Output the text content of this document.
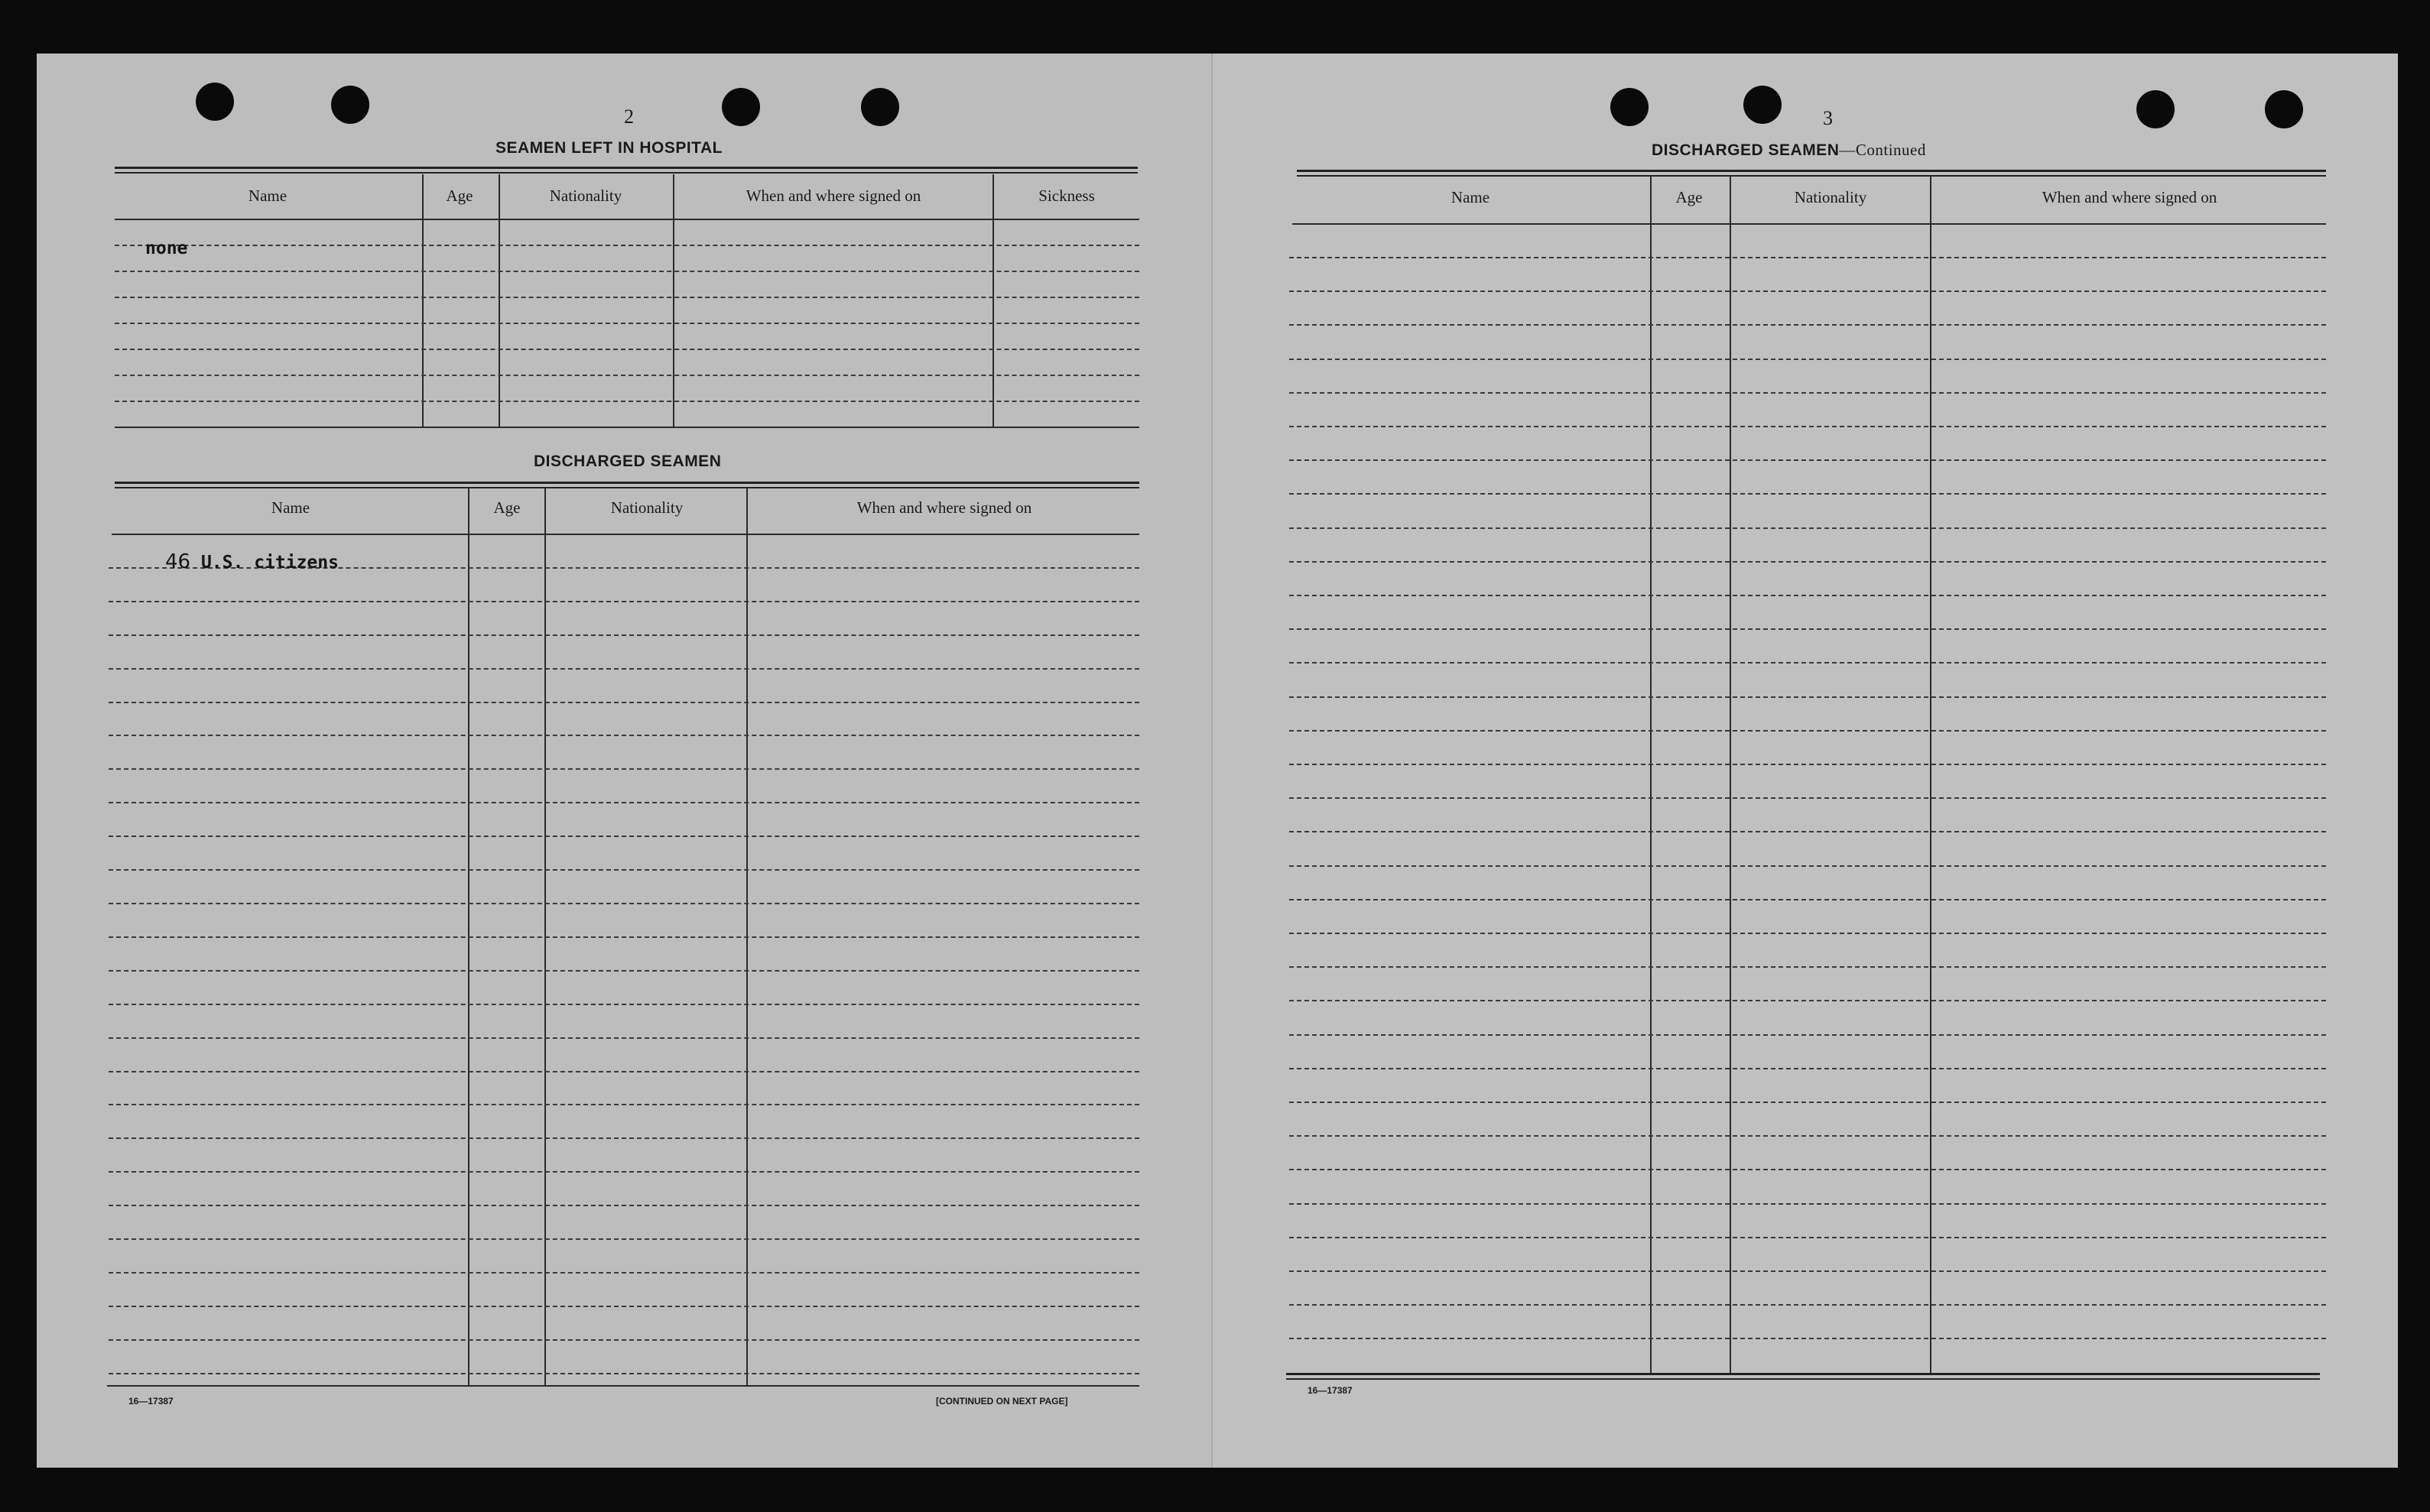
2
SEAMEN LEFT IN HOSPITAL
Name	Age	Nationality	When and where signed on	Sickness
none
DISCHARGED SEAMEN
Name	Age	Nationality	When and where signed on
46 U.S. citizens
16—17387	[CONTINUED ON NEXT PAGE]
3
DISCHARGED SEAMEN—Continued
Name	Age	Nationality	When and where signed on
16—17387
